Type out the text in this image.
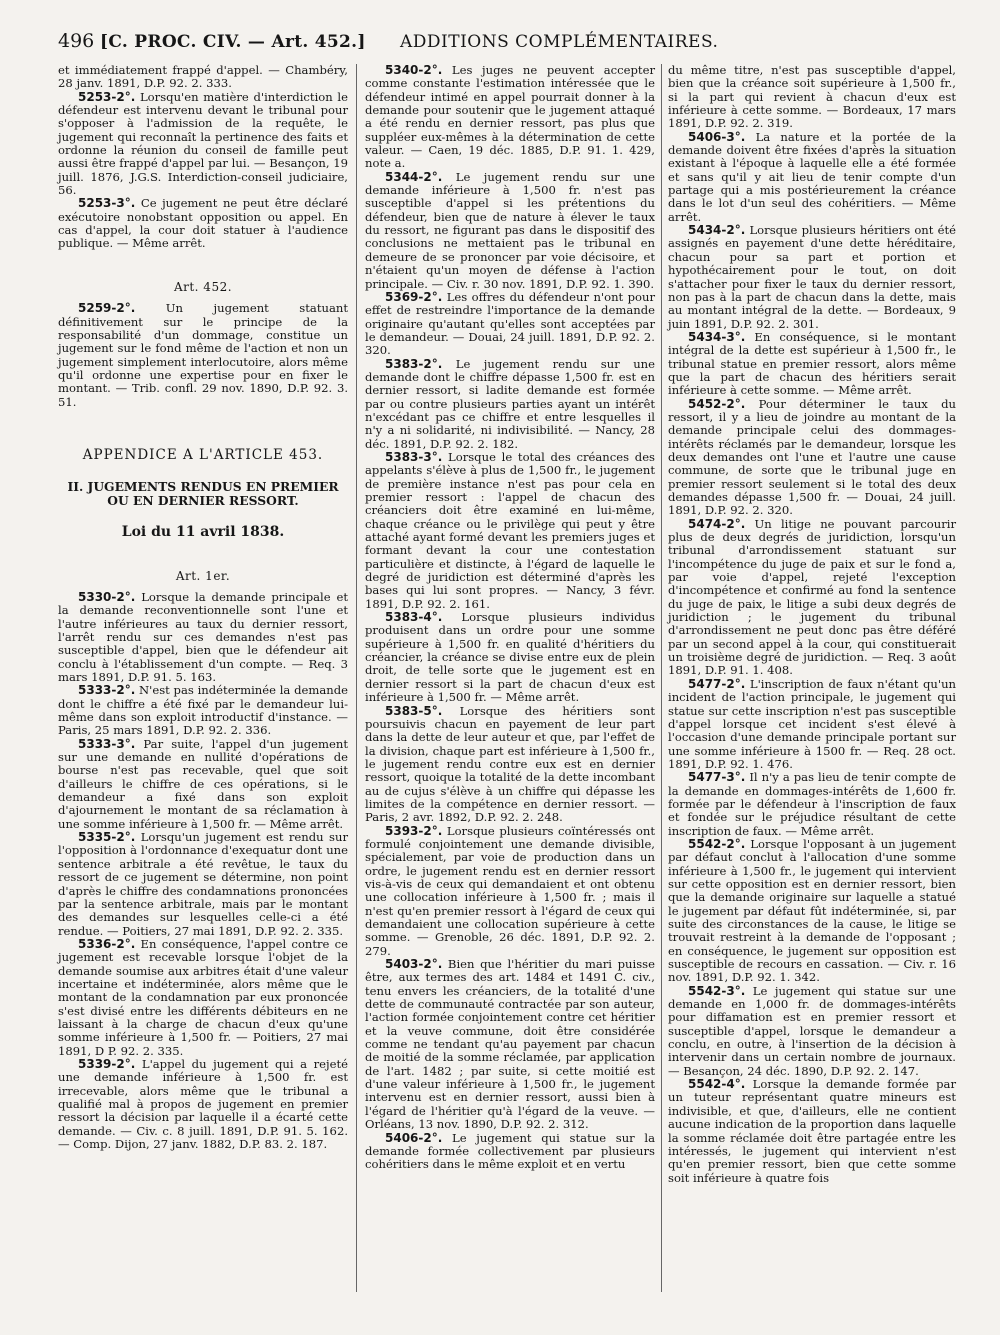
496 [C. PROC. CIV. — Art. 452.]	ADDITIONS COMPLÉMENTAIRES.

et immédiatement frappé d'appel. — Chambéry, 28 janv. 1891, D.P. 92. 2. 333.

5253-2°. Lorsqu'en matière d'interdiction le défendeur est intervenu devant le tribunal pour s'opposer à l'admission de la requête, le jugement qui reconnaît la pertinence des faits et ordonne la réunion du conseil de famille peut aussi être frappé d'appel par lui. — Besançon, 19 juill. 1876, J.G.S. Interdiction-conseil judiciaire, 56.

5253-3°. Ce jugement ne peut être déclaré exécutoire nonobstant opposition ou appel. En cas d'appel, la cour doit statuer à l'audience publique. — Même arrêt.

Art. 452.

5259-2°.	Un jugement statuant définitivement sur le principe de la responsabilité d'un dommage, constitue un jugement sur le fond même de l'action et non un jugement simplement interlocutoire, alors même qu'il ordonne une expertise pour en fixer le montant. — Trib. confl. 29 nov. 1890, D.P. 92. 3. 51.

APPENDICE A L'ARTICLE 453.

II. JUGEMENTS RENDUS EN PREMIER OU EN DERNIER RESSORT.

Loi du 11 avril 1838.

Art. 1er.

5330-2°. Lorsque la demande principale et la demande reconventionnelle sont l'une et l'autre inférieures au taux du dernier ressort, l'arrêt rendu sur ces demandes n'est pas susceptible d'appel, bien que le défendeur ait conclu à l'établissement d'un compte. — Req. 3 mars 1891, D.P. 91. 5. 163.

5333-2°. N'est pas indéterminée la demande dont le chiffre a été fixé par le demandeur lui-même dans son exploit introductif d'instance. — Paris, 25 mars 1891, D.P. 92. 2. 336.

5333-3°. Par suite, l'appel d'un jugement sur une demande en nullité d'opérations de bourse n'est pas recevable, quel que soit d'ailleurs le chiffre de ces opérations, si le demandeur a fixé dans son exploit d'ajournement le montant de sa réclamation à une somme inférieure à 1,500 fr. — Même arrêt.

5335-2°. Lorsqu'un jugement est rendu sur l'opposition à l'ordonnance d'exequatur dont une sentence arbitrale a été revêtue, le taux du ressort de ce jugement se détermine, non point d'après le chiffre des condamnations prononcées par la sentence arbitrale, mais par le montant des demandes sur lesquelles celle-ci a été rendue. — Poitiers, 27 mai 1891, D.P. 92. 2. 335.

5336-2°. En conséquence, l'appel contre ce jugement est recevable lorsque l'objet de la demande soumise aux arbitres était d'une valeur incertaine et indéterminée, alors même que le montant de la condamnation par eux prononcée s'est divisé entre les différents débiteurs en ne laissant à la charge de chacun d'eux qu'une somme inférieure à 1,500 fr. — Poitiers, 27 mai 1891, D P. 92. 2. 335.

5339-2°. L'appel du jugement qui a rejeté une demande inférieure à 1,500 fr. est irrecevable, alors même que le tribunal a qualifié mal à propos de jugement en premier ressort la décision par laquelle il a écarté cette demande. — Civ. c. 8 juill. 1891, D.P. 91. 5. 162. — Comp. Dijon, 27 janv. 1882, D.P. 83. 2. 187.

5340-2°. Les juges ne peuvent accepter comme constante l'estimation intéressée que le défendeur intimé en appel pourrait donner à la demande pour soutenir que le jugement attaqué a été rendu en dernier ressort, pas plus que suppléer eux-mêmes à la détermination de cette valeur. — Caen, 19 déc. 1885, D.P. 91. 1. 429, note a.

5344-2°. Le jugement rendu sur une demande inférieure à 1,500 fr. n'est pas susceptible d'appel si les prétentions du défendeur, bien que de nature à élever le taux du ressort, ne figurant pas dans le dispositif des conclusions ne mettaient pas le tribunal en demeure de se prononcer par voie décisoire, et n'étaient qu'un moyen de défense à l'action principale. — Civ. r. 30 nov. 1891, D.P. 92. 1. 390.

5369-2°. Les offres du défendeur n'ont pour effet de restreindre l'importance de la demande originaire qu'autant qu'elles sont acceptées par le demandeur. — Douai, 24 juill. 1891, D.P. 92. 2. 320.

5383-2°. Le jugement rendu sur une demande dont le chiffre dépasse 1,500 fr. est en dernier ressort, si ladite demande est formée par ou contre plusieurs parties ayant un intérêt n'excédant pas ce chiffre et entre lesquelles il n'y a ni solidarité, ni indivisibilité. — Nancy, 28 déc. 1891, D.P. 92. 2. 182.

5383-3°. Lorsque le total des créances des appelants s'élève à plus de 1,500 fr., le jugement de première instance n'est pas pour cela en premier ressort : l'appel de chacun des créanciers doit être examiné en lui-même, chaque créance ou le privilège qui peut y être attaché ayant formé devant les premiers juges et formant devant la cour une contestation particulière et distincte, à l'égard de laquelle le degré de juridiction est déterminé d'après les bases qui lui sont propres. — Nancy, 3 févr. 1891, D.P. 92. 2. 161.

5383-4°. Lorsque plusieurs individus produisent dans un ordre pour une somme supérieure à 1,500 fr. en qualité d'héritiers du créancier, la créance se divise entre eux de plein droit, de telle sorte que le jugement est en dernier ressort si la part de chacun d'eux est inférieure à 1,500 fr. — Même arrêt.

5383-5°. Lorsque des héritiers sont poursuivis chacun en payement de leur part dans la dette de leur auteur et que, par l'effet de la division, chaque part est inférieure à 1,500 fr., le jugement rendu contre eux est en dernier ressort, quoique la totalité de la dette incombant au de cujus s'élève à un chiffre qui dépasse les limites de la compétence en dernier ressort. — Paris, 2 avr. 1892, D.P. 92. 2. 248.

5393-2°. Lorsque plusieurs coïntéressés ont formulé conjointement une demande divisible, spécialement, par voie de production dans un ordre, le jugement rendu est en dernier ressort vis-à-vis de ceux qui demandaient et ont obtenu une collocation inférieure à 1,500 fr. ; mais il n'est qu'en premier ressort à l'égard de ceux qui demandaient une collocation supérieure à cette somme. — Grenoble, 26 déc. 1891, D.P. 92. 2. 279.

5403-2°. Bien que l'héritier du mari puisse être, aux termes des art. 1484 et 1491 C. civ., tenu envers les créanciers, de la totalité d'une dette de communauté contractée par son auteur, l'action formée conjointement contre cet héritier et la veuve commune, doit être considérée comme ne tendant qu'au payement par chacun de moitié de la somme réclamée, par application de l'art. 1482 ; par suite, si cette moitié est d'une valeur inférieure à 1,500 fr., le jugement intervenu est en dernier ressort, aussi bien à l'égard de l'héritier qu'à l'égard de la veuve. — Orléans, 13 nov. 1890, D.P. 92. 2. 312.

5406-2°. Le jugement qui statue sur la demande formée collectivement par plusieurs cohéritiers dans le même exploit et en vertu

du même titre, n'est pas susceptible d'appel, bien que la créance soit supérieure à 1,500 fr., si la part qui revient à chacun d'eux est inférieure à cette somme. — Bordeaux, 17 mars 1891, D.P. 92. 2. 319.

5406-3°. La nature et la portée de la demande doivent être fixées d'après la situation existant à l'époque à laquelle elle a été formée et sans qu'il y ait lieu de tenir compte d'un partage qui a mis postérieurement la créance dans le lot d'un seul des cohéritiers. — Même arrêt.

5434-2°. Lorsque plusieurs héritiers ont été assignés en payement d'une dette héréditaire, chacun pour sa part et portion et hypothécairement pour le tout, on doit s'attacher pour fixer le taux du dernier ressort, non pas à la part de chacun dans la dette, mais au montant intégral de la dette. — Bordeaux, 9 juin 1891, D.P. 92. 2. 301.

5434-3°. En conséquence, si le montant intégral de la dette est supérieur à 1,500 fr., le tribunal statue en premier ressort, alors même que la part de chacun des héritiers serait inférieure à cette somme. — Même arrêt.

5452-2°. Pour déterminer le taux du ressort, il y a lieu de joindre au montant de la demande principale celui des dommages-intérêts réclamés par le demandeur, lorsque les deux demandes ont l'une et l'autre une cause commune, de sorte que le tribunal juge en premier ressort seulement si le total des deux demandes dépasse 1,500 fr. — Douai, 24 juill. 1891, D.P. 92. 2. 320.

5474-2°. Un litige ne pouvant parcourir plus de deux degrés de juridiction, lorsqu'un tribunal d'arrondissement statuant sur l'incompétence du juge de paix et sur le fond a, par voie d'appel, rejeté l'exception d'incompétence et confirmé au fond la sentence du juge de paix, le litige a subi deux degrés de juridiction ; le jugement du tribunal d'arrondissement ne peut donc pas être déféré par un second appel à la cour, qui constituerait un troisième degré de juridiction. — Req. 3 août 1891, D.P. 91. 1. 408.

5477-2°. L'inscription de faux n'étant qu'un incident de l'action principale, le jugement qui statue sur cette inscription n'est pas susceptible d'appel lorsque cet incident s'est élevé à l'occasion d'une demande principale portant sur une somme inférieure à 1500 fr. — Req. 28 oct. 1891, D.P. 92. 1. 476.

5477-3°. Il n'y a pas lieu de tenir compte de la demande en dommages-intérêts de 1,600 fr. formée par le défendeur à l'inscription de faux et fondée sur le préjudice résultant de cette inscription de faux. — Même arrêt.

5542-2°. Lorsque l'opposant à un jugement par défaut conclut à l'allocation d'une somme inférieure à 1,500 fr., le jugement qui intervient sur cette opposition est en dernier ressort, bien que la demande originaire sur laquelle a statué le jugement par défaut fût indéterminée, si, par suite des circonstances de la cause, le litige se trouvait restreint à la demande de l'opposant ; en conséquence, le jugement sur opposition est susceptible de recours en cassation. — Civ. r. 16 nov. 1891, D.P. 92. 1. 342.

5542-3°. Le jugement qui statue sur une demande en 1,000 fr. de dommages-intérêts pour diffamation est en premier ressort et susceptible d'appel, lorsque le demandeur a conclu, en outre, à l'insertion de la décision à intervenir dans un certain nombre de journaux. — Besançon, 24 déc. 1890, D.P. 92. 2. 147.

5542-4°. Lorsque la demande formée par un tuteur représentant quatre mineurs est indivisible, et que, d'ailleurs, elle ne contient aucune indication de la proportion dans laquelle la somme réclamée doit être partagée entre les intéressés, le jugement qui intervient n'est qu'en premier ressort, bien que cette somme soit inférieure à quatre fois
